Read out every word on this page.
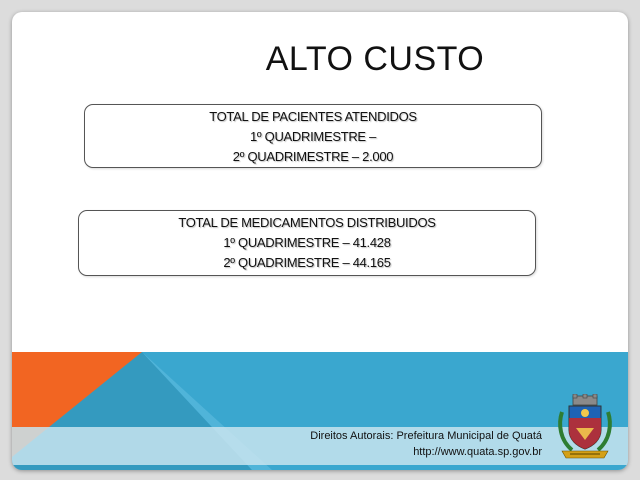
ALTO CUSTO
TOTAL DE PACIENTES ATENDIDOS
1º QUADRIMESTRE –
2º QUADRIMESTRE – 2.000
TOTAL DE MEDICAMENTOS DISTRIBUIDOS
1º QUADRIMESTRE – 41.428
2º QUADRIMESTRE – 44.165
Direitos Autorais: Prefeitura Municipal de Quatá
http://www.quata.sp.gov.br
